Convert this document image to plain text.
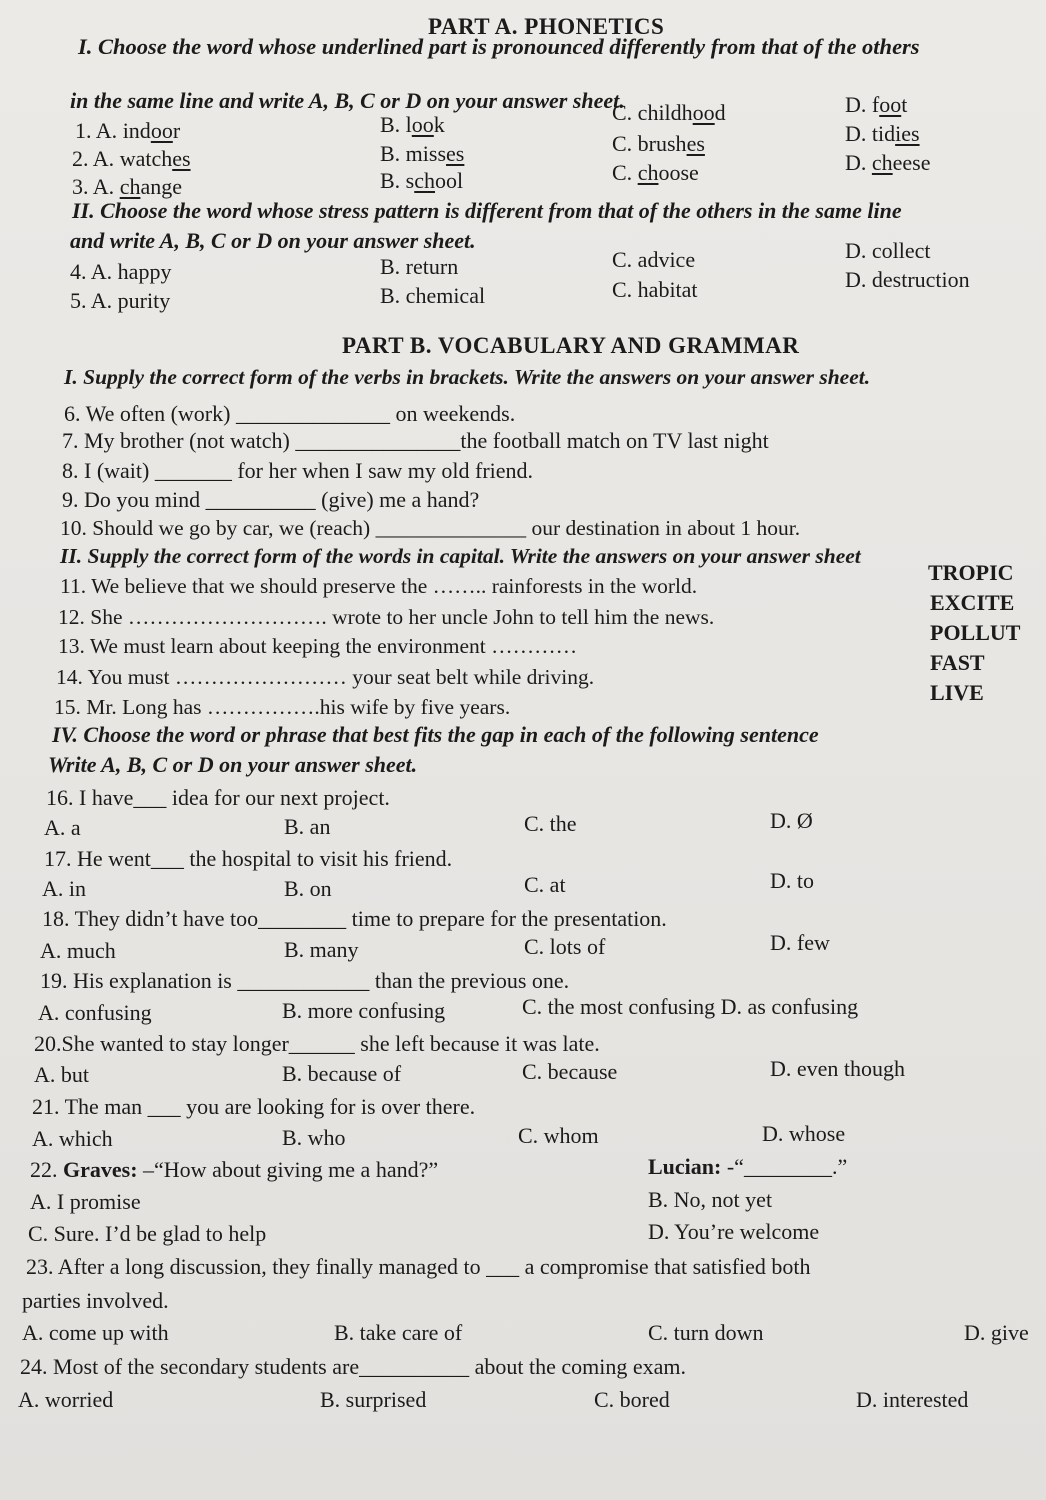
PART A. PHONETICS
I. Choose the word whose underlined part is pronounced differently from that of the others
in the same line and write A, B, C or D on your answer sheet.
1. A. indoor	B. look	C. childhood	D. foot
2. A. watches	B. misses	C. brushes	D. tidies
3. A. change	B. school	C. choose	D. cheese
II. Choose the word whose stress pattern is different from that of the others in the same line
and write A, B, C or D on your answer sheet.
4. A. happy	B. return	C. advice	D. collect
5. A. purity	B. chemical	C. habitat	D. destruction
PART B. VOCABULARY AND GRAMMAR
I. Supply the correct form of the verbs in brackets. Write the answers on your answer sheet.
6. We often (work) ______________ on weekends.
7. My brother (not watch) _______________the football match on TV last night
8. I (wait) _______ for her when I saw my old friend.
9. Do you mind __________ (give) me a hand?
10. Should we go by car, we (reach) ______________ our destination in about 1 hour.
II. Supply the correct form of the words in capital. Write the answers on your answer sheet
11. We believe that we should preserve the …….. rainforests in the world.
TROPIC
12. She ………………………. wrote to her uncle John to tell him the news.
EXCITE
13. We must learn about keeping the environment …………
POLLUT
14. You must …………………… your seat belt while driving.
FAST
15. Mr. Long has …………….his wife by five years.
LIVE
IV. Choose the word or phrase that best fits the gap in each of the following sentence
Write A, B, C or D on your answer sheet.
16. I have___ idea for our next project.
A. a	B. an	C. the	D. Ø
17. He went___ the hospital to visit his friend.
A. in	B. on	C. at	D. to
18. They didn’t have too________ time to prepare for the presentation.
A. much	B. many	C. lots of	D. few
19. His explanation is ____________ than the previous one.
A. confusing	B. more confusing	C. the most confusing D. as confusing
20.She wanted to stay longer______ she left because it was late.
A. but	B. because of	C. because	D. even though
21. The man ___ you are looking for is over there.
A. which	B. who	C. whom	D. whose
22. Graves: –“How about giving me a hand?”	Lucian: -“________.”
A. I promise	B. No, not yet
C. Sure. I’d be glad to help	D. You’re welcome
23. After a long discussion, they finally managed to ___ a compromise that satisfied both
parties involved.
A. come up with	B. take care of	C. turn down	D. give
24. Most of the secondary students are__________ about the coming exam.
A. worried	B. surprised	C. bored	D. interested
